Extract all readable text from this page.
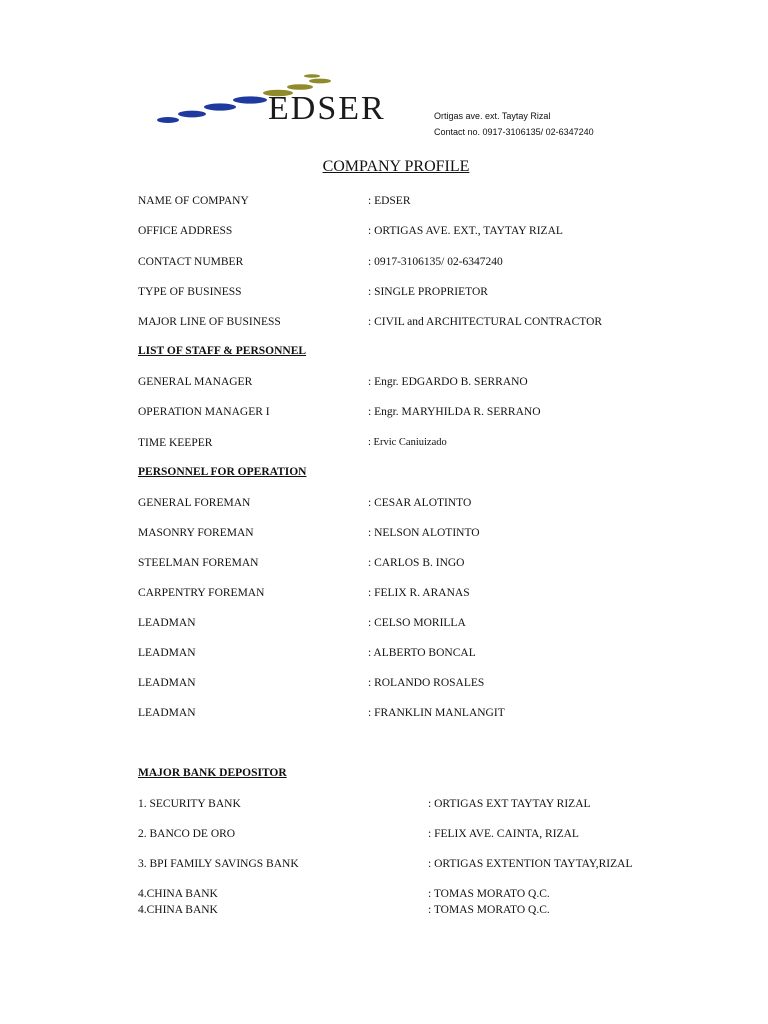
EDSER	Ortigas ave. ext. Taytay Rizal
Contact no. 0917-3106135/ 02-6347240
COMPANY PROFILE
NAME OF COMPANY	: EDSER
OFFICE ADDRESS	: ORTIGAS AVE. EXT., TAYTAY RIZAL
CONTACT NUMBER	: 0917-3106135/ 02-6347240
TYPE OF BUSINESS	: SINGLE PROPRIETOR
MAJOR LINE OF BUSINESS	: CIVIL and ARCHITECTURAL CONTRACTOR
LIST OF STAFF & PERSONNEL
GENERAL MANAGER	: Engr. EDGARDO B. SERRANO
OPERATION MANAGER I	: Engr. MARYHILDA R. SERRANO
TIME KEEPER	: Ervic Caniuizado
PERSONNEL FOR OPERATION
GENERAL FOREMAN	: CESAR ALOTINTO
MASONRY FOREMAN	: NELSON ALOTINTO
STEELMAN FOREMAN	: CARLOS B. INGO
CARPENTRY FOREMAN	: FELIX R. ARANAS
LEADMAN	: CELSO MORILLA
LEADMAN	: ALBERTO BONCAL
LEADMAN	: ROLANDO ROSALES
LEADMAN	: FRANKLIN MANLANGIT
MAJOR BANK DEPOSITOR
1. SECURITY BANK	: ORTIGAS EXT TAYTAY RIZAL
2. BANCO DE ORO	: FELIX AVE. CAINTA, RIZAL
3. BPI FAMILY SAVINGS BANK	: ORTIGAS EXTENTION TAYTAY,RIZAL
4.CHINA BANK	: TOMAS MORATO Q.C.
4.CHINA BANK	: TOMAS MORATO Q.C.
